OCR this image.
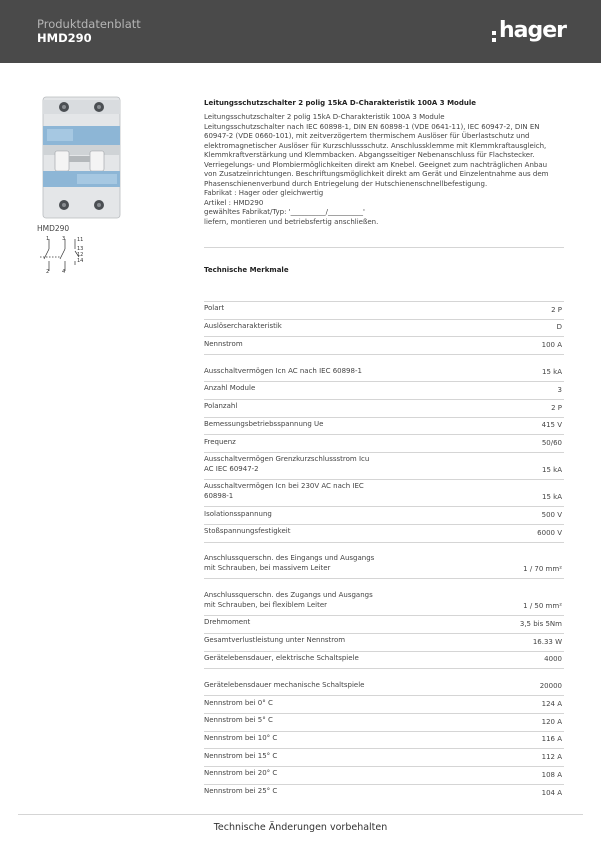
Produktdatenblatt
HMD290	hager
HMD290
1	3 11
13
12
14
2	4
Leitungsschutzschalter 2 polig 15kA D-Charakteristik 100A 3 Module

Leitungsschutzschalter 2 polig 15kA D-Charakteristik 100A 3 Module

Leitungsschutzschalter nach IEC 60898-1, DIN EN 60898-1 (VDE 0641-11), IEC 60947-2, DIN EN

60947-2 (VDE 0660-101), mit zeitverzögertem thermischem Auslöser für Überlastschutz und

elektromagnetischer Auslöser für Kurzschlussschutz. Anschlussklemme mit Klemmkraftausgleich,

Klemmkraftverstärkung und Klemmbacken. Abgangsseitiger Nebenanschluss für Flachstecker.

Verriegelungs- und Plombiermöglichkeiten direkt am Knebel. Geeignet zum nachträglichen Anbau

von Zusatzeinrichtungen. Beschriftungsmöglichkeit direkt am Gerät und Einzelentnahme aus dem

Phasenschienenverbund durch Entriegelung der Hutschienenschnellbefestigung.

Fabrikat : Hager oder gleichwertig

Artikel : HMD290

gewähltes Fabrikat/Typ: '__________/__________'

liefern, montieren und betriebsfertig anschließen.

Technische Merkmale
Polart	2 P
Auslösercharakteristik	D
Nennstrom	100 A
Ausschaltvermögen Icn AC nach IEC 60898-1	15 kA
Anzahl Module	3
Polanzahl	2 P
Bemessungsbetriebsspannung Ue	415 V
Frequenz	50/60
Ausschaltvermögen Grenzkurzschlussstrom Icu AC IEC 60947-2	15 kA
Ausschaltvermögen Icn bei 230V AC nach IEC 60898-1	15 kA
Isolationsspannung	500 V
Stoßspannungsfestigkeit	6000 V
Anschlussquerschn. des Eingangs und Ausgangs mit Schrauben, bei massivem Leiter	1 / 70 mm²
Anschlussquerschn. des Zugangs und Ausgangs mit Schrauben, bei flexiblem Leiter	1 / 50 mm²
Drehmoment	3,5 bis 5Nm
Gesamtverlustleistung unter Nennstrom	16.33 W
Gerätelebensdauer, elektrische Schaltspiele	4000
Gerätelebensdauer mechanische Schaltspiele	20000
Nennstrom bei 0° C	124 A
Nennstrom bei 5° C	120 A
Nennstrom bei 10° C	116 A
Nennstrom bei 15° C	112 A
Nennstrom bei 20° C	108 A
Nennstrom bei 25° C	104 A
Technische Änderungen vorbehalten
